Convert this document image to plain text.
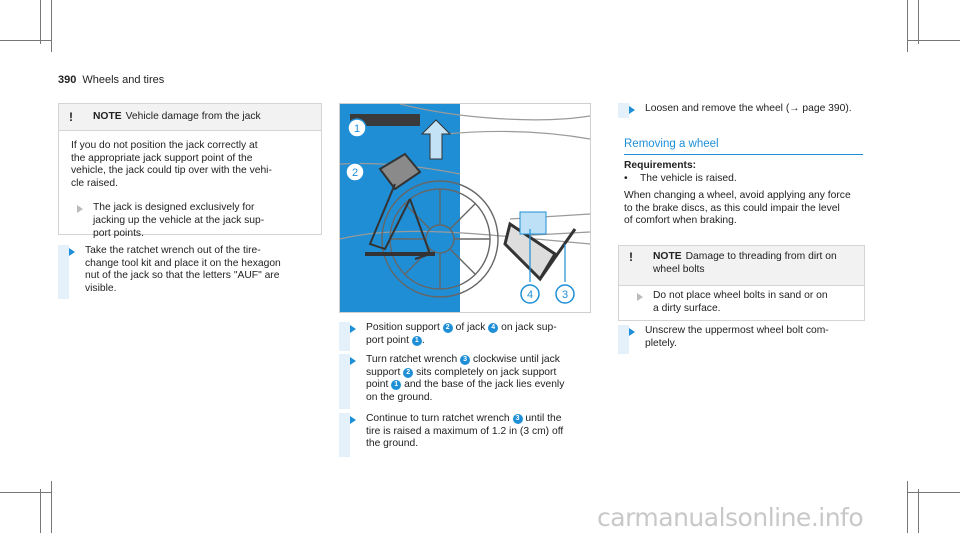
390 Wheels and tires
!	NOTE Vehicle damage from the jack
If you do not position the jack correctly at
the appropriate jack support point of the
vehicle, the jack could tip over with the vehi-
cle raised.
The jack is designed exclusively for
jacking up the vehicle at the jack sup-
port points.
Take the ratchet wrench out of the tire-
change tool kit and place it on the hexagon
nut of the jack so that the letters "AUF" are
visible.
1
2
4	3
Position support 2 of jack 4 on jack sup-
port point 1 .
Turn ratchet wrench 3 clockwise until jack
support 2 sits completely on jack support
point 1 and the base of the jack lies evenly
on the ground.
Continue to turn ratchet wrench 3 until the
tire is raised a maximum of 1.2 in (3 cm) off
the ground.
Loosen and remove the wheel (→ page 390).
Removing a wheel
Requirements:
•	The vehicle is raised.
When changing a wheel, avoid applying any force
to the brake discs, as this could impair the level
of comfort when braking.
!	NOTE Damage to threading from dirt on
wheel bolts
Do not place wheel bolts in sand or on
a dirty surface.
Unscrew the uppermost wheel bolt com-
pletely.
carmanualsonline.info
